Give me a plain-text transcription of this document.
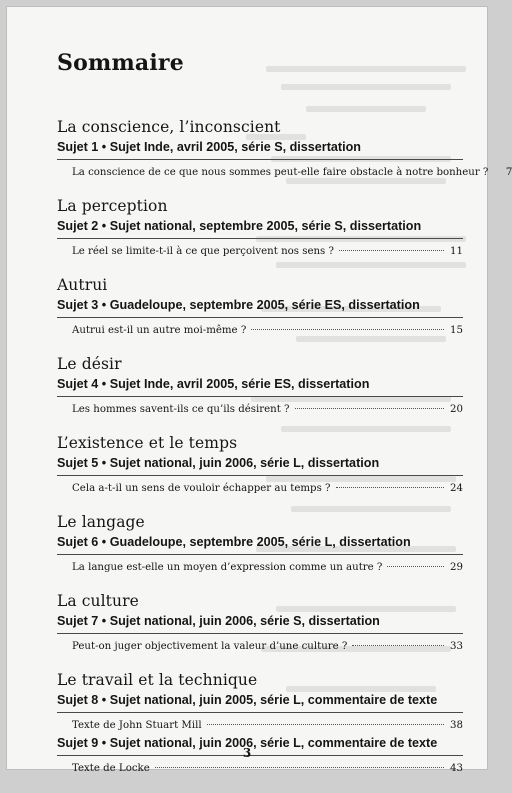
Sommaire
La conscience, l’inconscient
Sujet 1 • Sujet Inde, avril 2005, série S, dissertation
La conscience de ce que nous sommes peut-elle faire obstacle à notre bonheur ?	7
La perception
Sujet 2 • Sujet national, septembre 2005, série S, dissertation
Le réel se limite-t-il à ce que perçoivent nos sens ?	11
Autrui
Sujet 3 • Guadeloupe, septembre 2005, série ES, dissertation
Autrui est-il un autre moi-même ?	15
Le désir
Sujet 4 • Sujet Inde, avril 2005, série ES, dissertation
Les hommes savent-ils ce qu’ils désirent ?	20
L’existence et le temps
Sujet 5 • Sujet national, juin 2006, série L, dissertation
Cela a-t-il un sens de vouloir échapper au temps ?	24
Le langage
Sujet 6 • Guadeloupe, septembre 2005, série L, dissertation
La langue est-elle un moyen d’expression comme un autre ?	29
La culture
Sujet 7 • Sujet national, juin 2006, série S, dissertation
Peut-on juger objectivement la valeur d’une culture ?	33
Le travail et la technique
Sujet 8 • Sujet national, juin 2005, série L, commentaire de texte
Texte de John Stuart Mill	38
Sujet 9 • Sujet national, juin 2006, série L, commentaire de texte
Texte de Locke	43
3
